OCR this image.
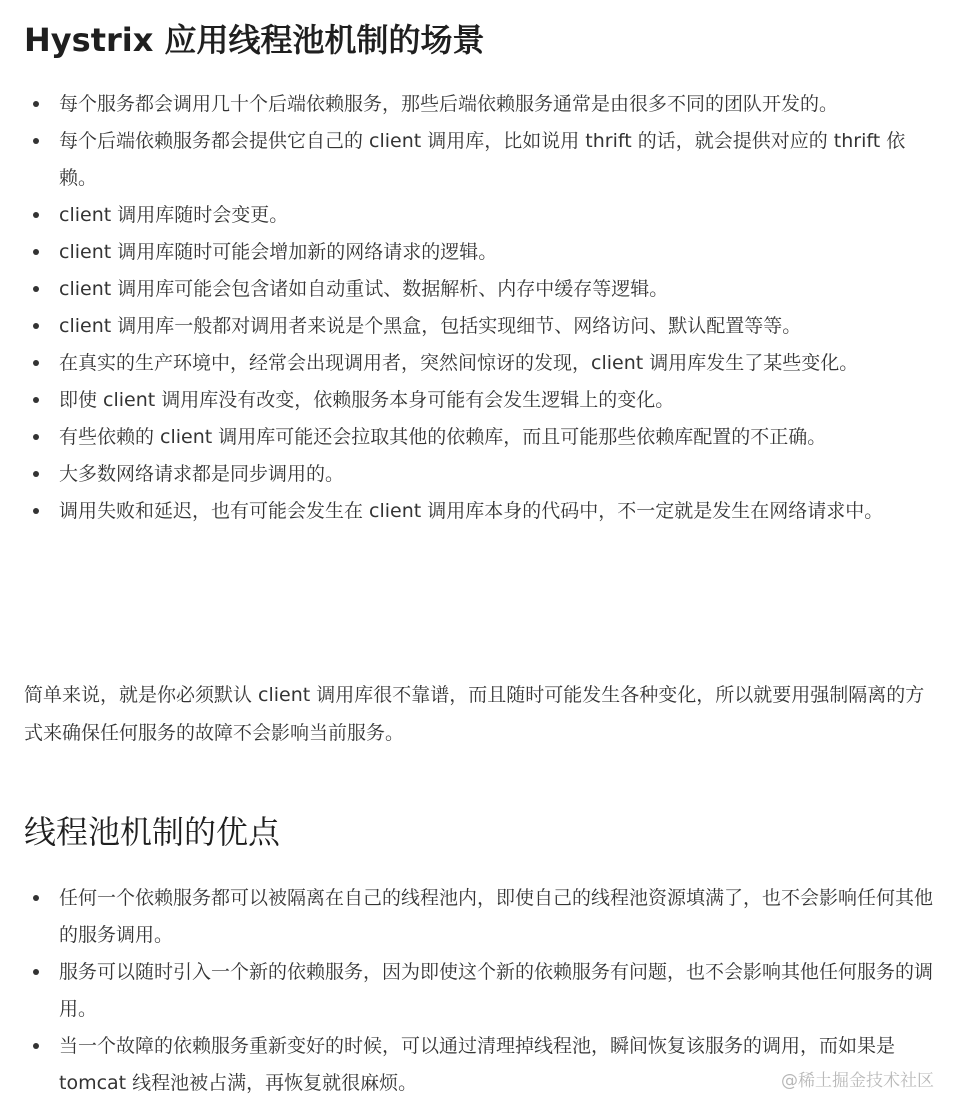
Hystrix 应用线程池机制的场景
每个服务都会调用几十个后端依赖服务，那些后端依赖服务通常是由很多不同的团队开发的。
每个后端依赖服务都会提供它自己的 client 调用库，比如说用 thrift 的话，就会提供对应的 thrift 依赖。
client 调用库随时会变更。
client 调用库随时可能会增加新的网络请求的逻辑。
client 调用库可能会包含诸如自动重试、数据解析、内存中缓存等逻辑。
client 调用库一般都对调用者来说是个黑盒，包括实现细节、网络访问、默认配置等等。
在真实的生产环境中，经常会出现调用者，突然间惊讶的发现，client 调用库发生了某些变化。
即使 client 调用库没有改变，依赖服务本身可能有会发生逻辑上的变化。
有些依赖的 client 调用库可能还会拉取其他的依赖库，而且可能那些依赖库配置的不正确。
大多数网络请求都是同步调用的。
调用失败和延迟，也有可能会发生在 client 调用库本身的代码中，不一定就是发生在网络请求中。

简单来说，就是你必须默认 client 调用库很不靠谱，而且随时可能发生各种变化，所以就要用强制隔离的方式来确保任何服务的故障不会影响当前服务。

线程池机制的优点
任何一个依赖服务都可以被隔离在自己的线程池内，即使自己的线程池资源填满了，也不会影响任何其他的服务调用。
服务可以随时引入一个新的依赖服务，因为即使这个新的依赖服务有问题，也不会影响其他任何服务的调用。
当一个故障的依赖服务重新变好的时候，可以通过清理掉线程池，瞬间恢复该服务的调用，而如果是 tomcat 线程池被占满，再恢复就很麻烦。	@稀土掘金技术社区
